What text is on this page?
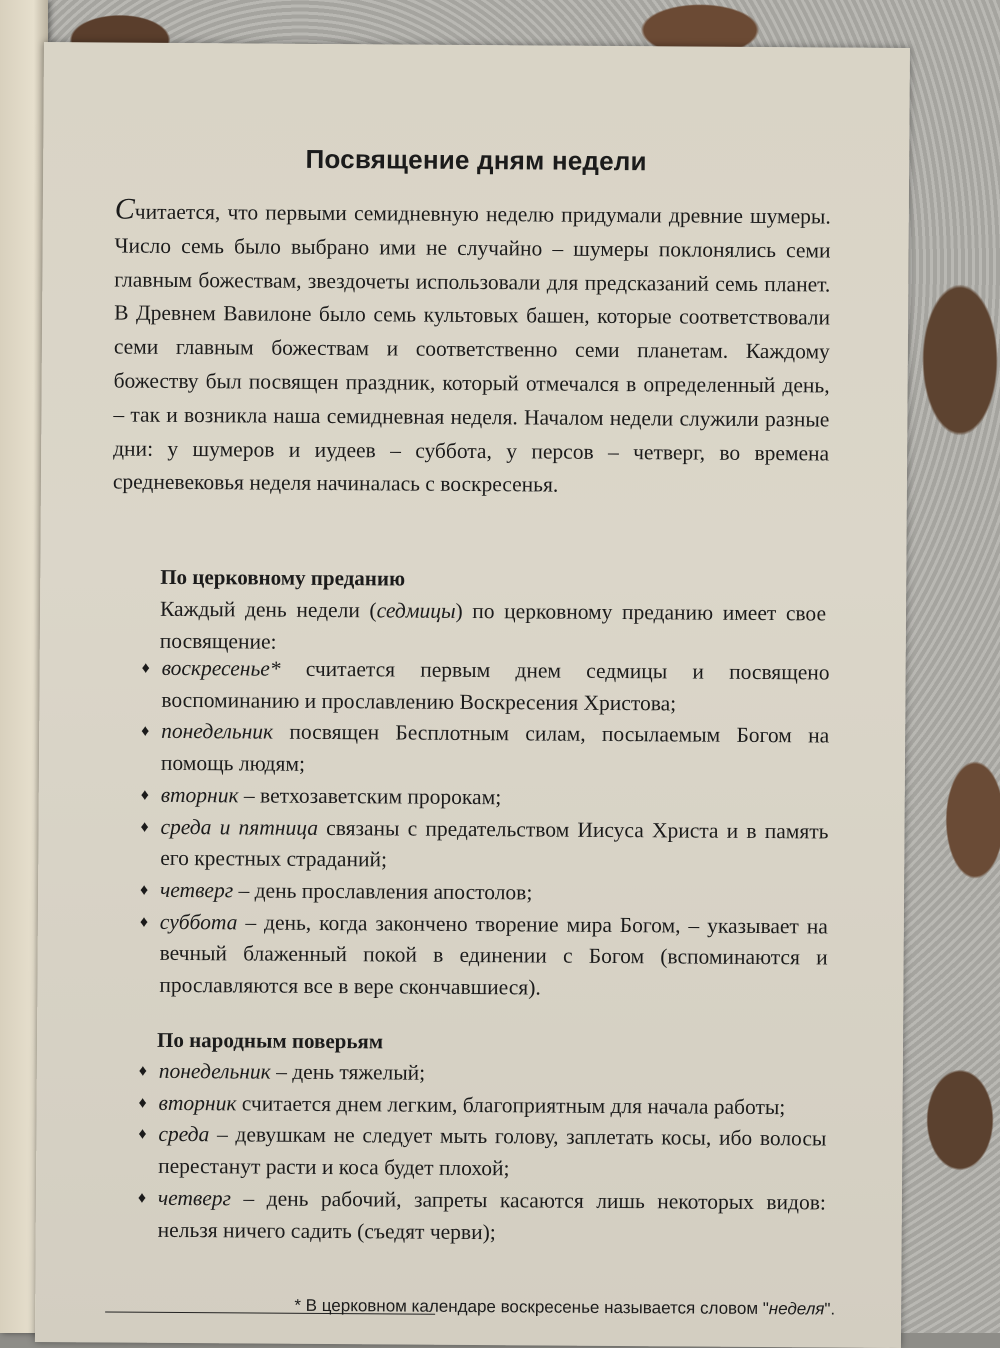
Посвящение дням недели

Считается, что первыми семидневную неделю придумали древние шумеры. Число семь было выбрано ими не случайно – шумеры поклонялись семи главным божествам, звездочеты использовали для предсказаний семь планет. В Древнем Вавилоне было семь культовых башен, которые соответствовали семи главным божествам и соответственно семи планетам. Каждому божеству был посвящен праздник, который отмечался в определенный день, – так и возникла наша семидневная неделя. Началом недели служили разные дни: у шумеров и иудеев – суббота, у персов – четверг, во времена средневековья неделя начиналась с воскресенья.

По церковному преданию

Каждый день недели (седмицы) по церковному преданию имеет свое посвящение:

♦ воскресенье* считается первым днем седмицы и посвящено воспоминанию и прославлению Воскресения Христова;
♦ понедельник посвящен Бесплотным силам, посылаемым Богом на помощь людям;
♦ вторник – ветхозаветским пророкам;
♦ среда и пятница связаны с предательством Иисуса Христа и в память его крестных страданий;
♦ четверг – день прославления апостолов;
♦ суббота – день, когда закончено творение мира Богом, – указывает на вечный блаженный покой в единении с Богом (вспоминаются и прославляются все в вере скончавшиеся).
По народным поверьям
♦ понедельник – день тяжелый;
♦ вторник считается днем легким, благоприятным для начала работы;
♦ среда – девушкам не следует мыть голову, заплетать косы, ибо волосы перестанут расти и коса будет плохой;
♦ четверг – день рабочий, запреты касаются лишь некоторых видов: нельзя ничего садить (съедят черви);

* В церковном календаре воскресенье называется словом "неделя".
